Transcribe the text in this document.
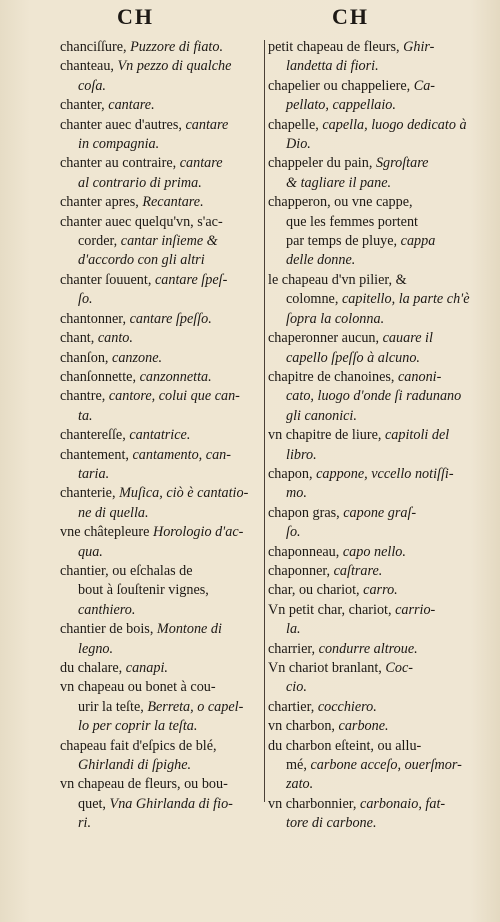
CH	CH
chanciſſure, Puzzore di fiato.
chanteau, Vn pezzo di qualche
coſa.
chanter, cantare.
chanter auec d'autres, cantare
in compagnia.
chanter au contraire, cantare
al contrario di prima.
chanter apres, Recantare.
chanter auec quelqu'vn, s'ac-
corder, cantar inſieme &
d'accordo con gli altri
chanter ſouuent, cantare ſpeſ-
ſo.
chantonner, cantare ſpeſſo.
chant, canto.
chanſon, canzone.
chanſonnette, canzonnetta.
chantre, cantore, colui que can-
ta.
chantereſſe, cantatrice.
chantement, cantamento, can-
taria.
chanterie, Muſica, ciò è cantatio-
ne di quella.
vne châtepleure Horologio d'ac-
qua.
chantier, ou eſchalas de
bout à ſouſtenir vignes,
canthiero.
chantier de bois, Montone di
legno.
du chalare, canapi.
vn chapeau ou bonet à cou-
urir la teſte, Berreta, o capel-
lo per coprir la teſta.
chapeau fait d'eſpics de blé,
Ghirlandi di ſpighe.
vn chapeau de fleurs, ou bou-
quet, Vna Ghirlanda di fio-
ri.
petit chapeau de fleurs, Ghir-
landetta di fiori.
chapelier ou chappeliere, Ca-
pellato, cappellaio.
chapelle, capella, luogo dedicato à
Dio.
chappeler du pain, Sgroſtare
& tagliare il pane.
chapperon, ou vne cappe,
que les femmes portent
par temps de pluye, cappa
delle donne.
le chapeau d'vn pilier, &
colomne, capitello, la parte ch'è
ſopra la colonna.
chaperonner aucun, cauare il
capello ſpeſſo à alcuno.
chapitre de chanoines, canoni-
cato, luogo d'onde ſi radunano
gli canonici.
vn chapitre de liure, capitoli del
libro.
chapon, cappone, vccello notiſſi-
mo.
chapon gras, capone graſ-
ſo.
chaponneau, capo nello.
chaponner, caſtrare.
char, ou chariot, carro.
Vn petit char, chariot, carrio-
la.
charrier, condurre altroue.
Vn chariot branlant, Coc-
cio.
chartier, cocchiero.
vn charbon, carbone.
du charbon eſteint, ou allu-
mé, carbone acceſo, ouerſmor-
zato.
vn charbonnier, carbonaio, fat-
tore di carbone.
